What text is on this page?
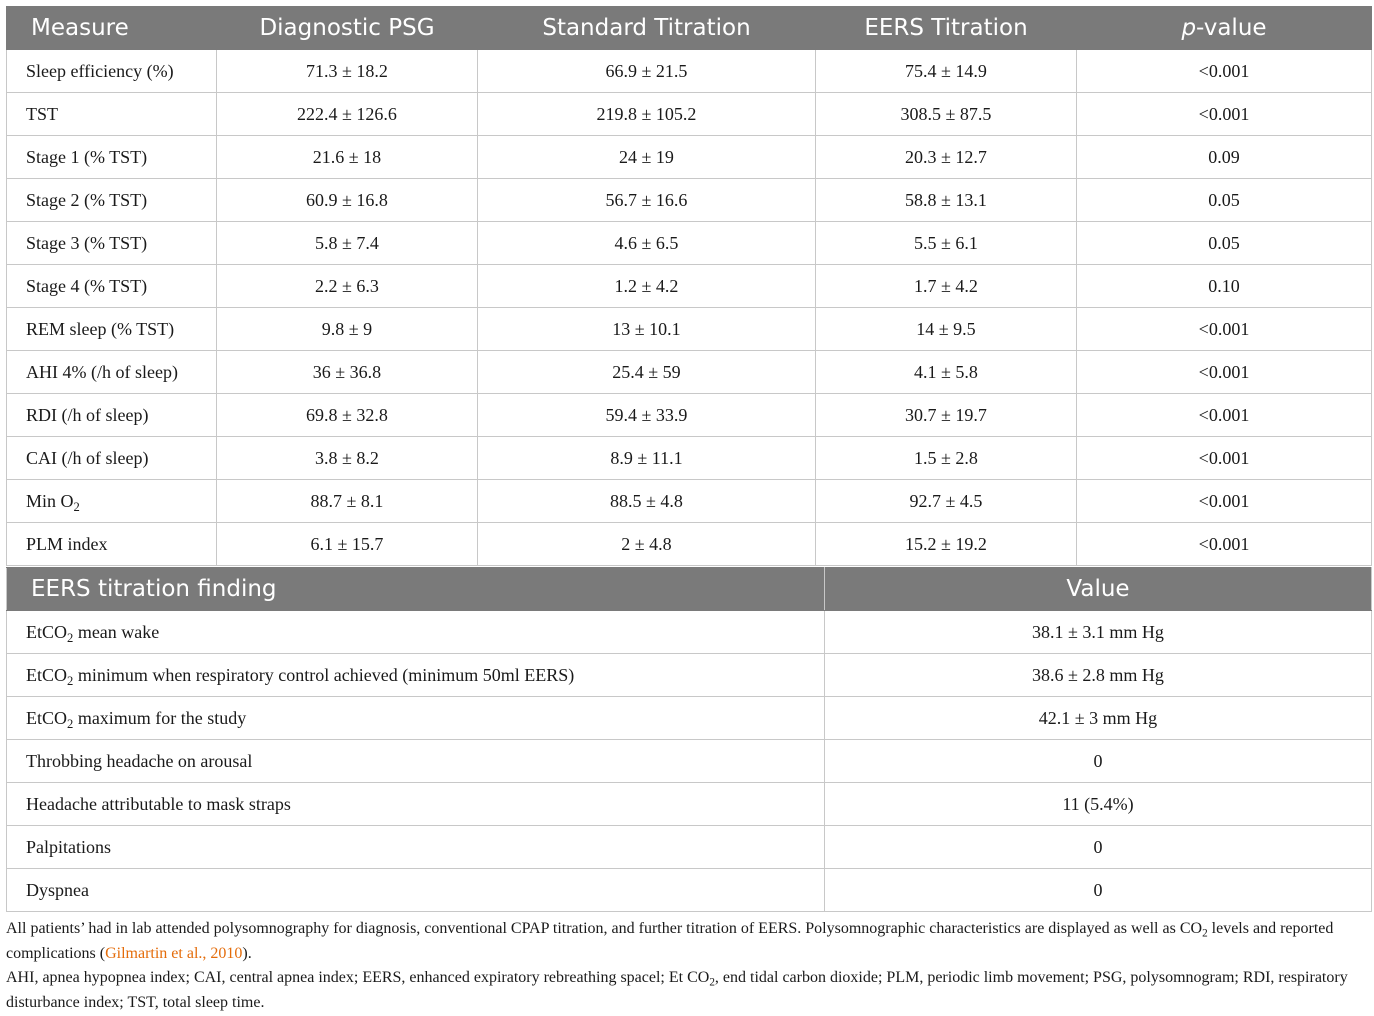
Measure	Diagnostic PSG	Standard Titration	EERS Titration	p-value
Sleep efficiency (%)	71.3 ± 18.2	66.9 ± 21.5	75.4 ± 14.9	<0.001
TST	222.4 ± 126.6	219.8 ± 105.2	308.5 ± 87.5	<0.001
Stage 1 (% TST)	21.6 ± 18	24 ± 19	20.3 ± 12.7	0.09
Stage 2 (% TST)	60.9 ± 16.8	56.7 ± 16.6	58.8 ± 13.1	0.05
Stage 3 (% TST)	5.8 ± 7.4	4.6 ± 6.5	5.5 ± 6.1	0.05
Stage 4 (% TST)	2.2 ± 6.3	1.2 ± 4.2	1.7 ± 4.2	0.10
REM sleep (% TST)	9.8 ± 9	13 ± 10.1	14 ± 9.5	<0.001
AHI 4% (/h of sleep)	36 ± 36.8	25.4 ± 59	4.1 ± 5.8	<0.001
RDI (/h of sleep)	69.8 ± 32.8	59.4 ± 33.9	30.7 ± 19.7	<0.001
CAI (/h of sleep)	3.8 ± 8.2	8.9 ± 11.1	1.5 ± 2.8	<0.001
Min $O_2$	88.7 ± 8.1	88.5 ± 4.8	92.7 ± 4.5	<0.001
PLM index	6.1 ± 15.7	2 ± 4.8	15.2 ± 19.2	<0.001
EERS titration finding	Value
EtCO$_2$ mean wake	38.1 ± 3.1 mm Hg
EtCO$_2$ minimum when respiratory control achieved (minimum 50ml EERS)	38.6 ± 2.8 mm Hg
EtCO$_2$ maximum for the study	42.1 ± 3 mm Hg
Throbbing headache on arousal	0
Headache attributable to mask straps	11 (5.4%)
Palpitations	0
Dyspnea	0
All patients’ had in lab attended polysomnography for diagnosis, conventional CPAP titration, and further titration of EERS. Polysomnographic characteristics are displayed as well as $CO_2$ levels and reported complications (Gilmartin et al., 2010).
AHI, apnea hypopnea index; CAI, central apnea index; EERS, enhanced expiratory rebreathing spacel; Et $CO_2$, end tidal carbon dioxide; PLM, periodic limb movement; PSG, polysomnogram; RDI, respiratory disturbance index; TST, total sleep time.
